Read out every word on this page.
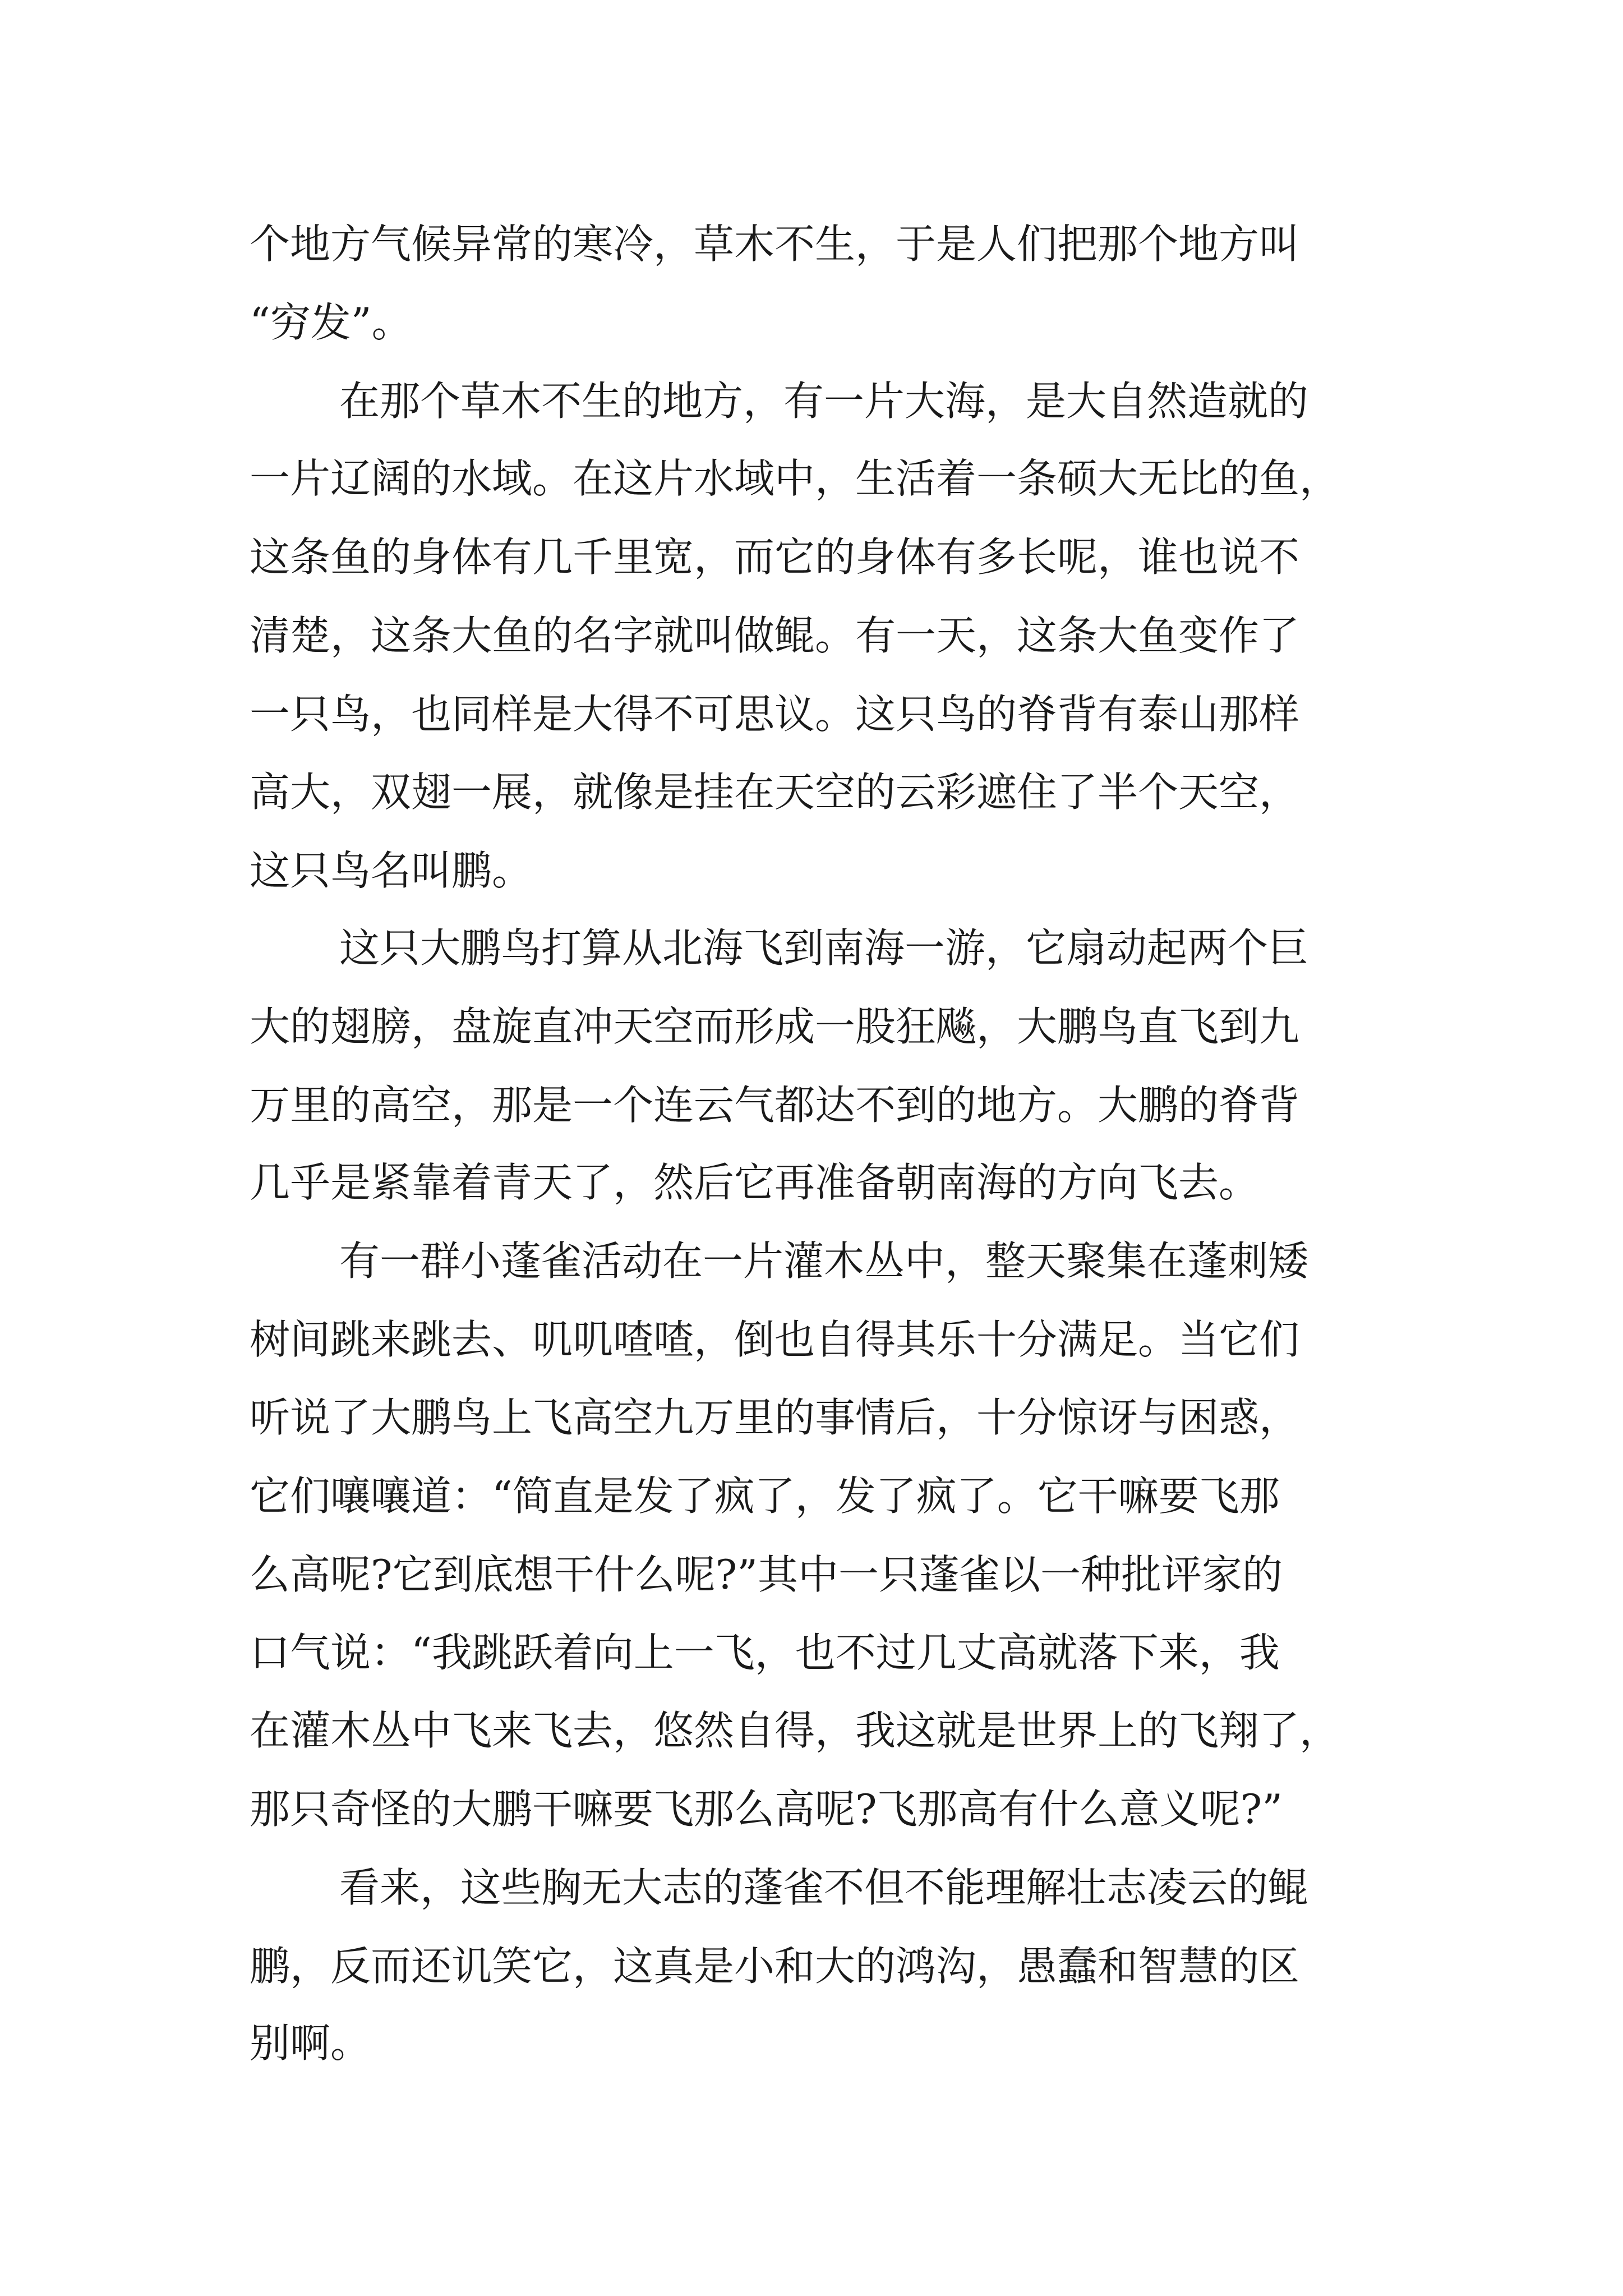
个地方气候异常的寒冷，草木不生，于是人们把那个地方叫

“穷发”。

在那个草木不生的地方，有一片大海，是大自然造就的

一片辽阔的水域。在这片水域中，生活着一条硕大无比的鱼，

这条鱼的身体有几千里宽，而它的身体有多长呢，谁也说不

清楚，这条大鱼的名字就叫做鲲。有一天，这条大鱼变作了

一只鸟，也同样是大得不可思议。这只鸟的脊背有泰山那样

高大，双翅一展，就像是挂在天空的云彩遮住了半个天空，

这只鸟名叫鹏。

这只大鹏鸟打算从北海飞到南海一游，它扇动起两个巨

大的翅膀，盘旋直冲天空而形成一股狂飚，大鹏鸟直飞到九

万里的高空，那是一个连云气都达不到的地方。大鹏的脊背

几乎是紧靠着青天了，然后它再准备朝南海的方向飞去。

有一群小蓬雀活动在一片灌木丛中，整天聚集在蓬刺矮

树间跳来跳去、叽叽喳喳，倒也自得其乐十分满足。当它们

听说了大鹏鸟上飞高空九万里的事情后，十分惊讶与困惑，

它们嚷嚷道：“简直是发了疯了，发了疯了。它干嘛要飞那

么高呢?它到底想干什么呢?”其中一只蓬雀以一种批评家的

口气说：“我跳跃着向上一飞，也不过几丈高就落下来，我

在灌木丛中飞来飞去，悠然自得，我这就是世界上的飞翔了，

那只奇怪的大鹏干嘛要飞那么高呢?飞那高有什么意义呢?”

看来，这些胸无大志的蓬雀不但不能理解壮志凌云的鲲

鹏，反而还讥笑它，这真是小和大的鸿沟，愚蠢和智慧的区

别啊。
